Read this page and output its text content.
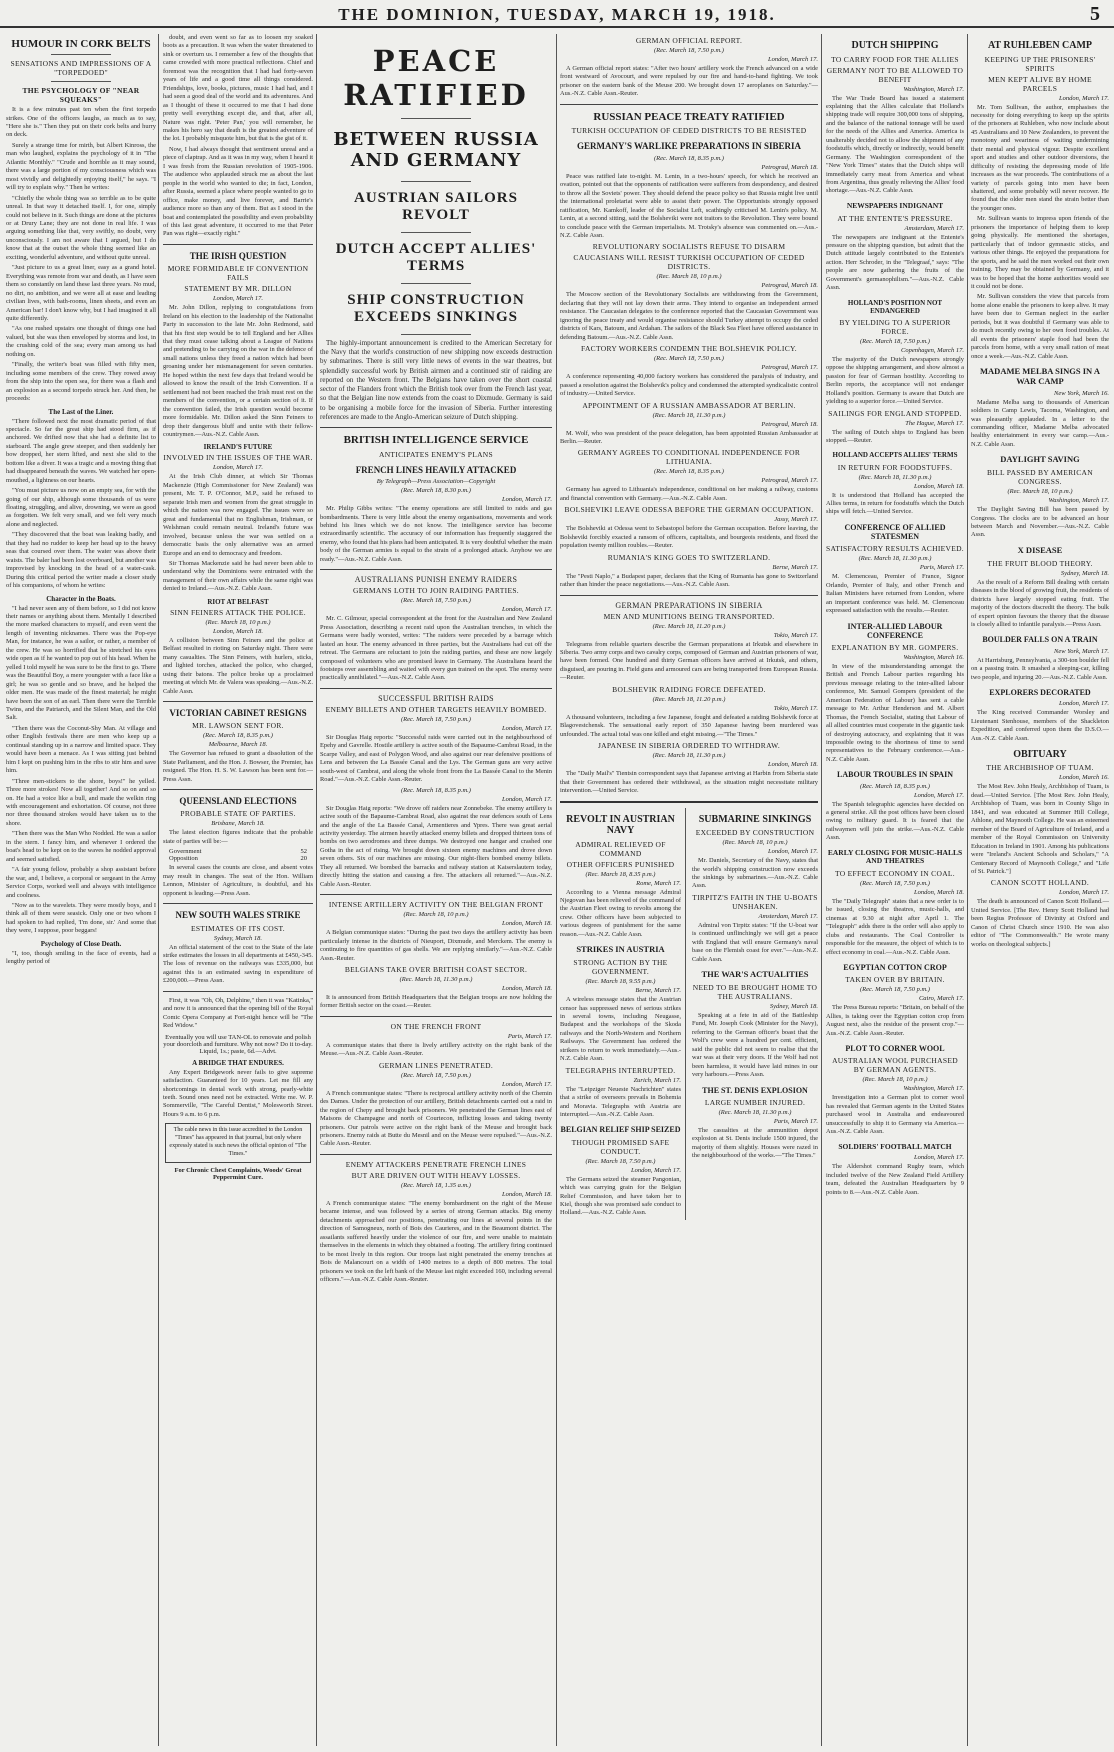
THE DOMINION, TUESDAY, MARCH 19, 1918.	5
HUMOUR IN CORK BELTS
SENSATIONS AND IMPRESSIONS OF A "TORPEDOED"
THE PSYCHOLOGY OF "NEAR SQUEAKS"

It is a few minutes past ten when the first torpedo strikes. One of the officers laughs, as much as to say, "Here she is." Then they put on their cork belts and hurry on deck.

Surely a strange time for mirth, but Albert Kinross, the man who laughed, explains the psychology of it in "The Atlantic Monthly." "Crude and horrible as it may sound, there was a large portion of my consciousness which was most vividly and delightedly enjoying itself," he says. "I will try to explain why." Then he writes:

"Chiefly the whole thing was so terrible as to be quite unreal. In that way it detached itself. I, for one, simply could not believe in it. Such things are done at the pictures or at Drury Lane; they are not done in real life. I was arguing something like that, very swiftly, no doubt, very unconsciously. I am not aware that I argued, but I do know that at the outset the whole thing seemed like an exciting, wonderful adventure, and without quite unreal.

"Just picture to us a great liner, easy as a grand hotel. Everything was remote from war and death, as I have seen them so constantly on land these last three years. No mud, no dirt, no ambition, and we were all at ease and leading civilian lives, with bath-rooms, linen sheets, and even an American bar! I don't know why, but I had imagined it all quite differently.

"As one rushed upstairs one thought of things one had valued, but she was then enveloped by storms and lost, in the crushing cold of the sea; every man among us had nothing on.

"Finally, the writer's boat was filled with fifty men, including some members of the crew. They rowed away from the ship into the open sea, for there was a flash and an explosion as a second torpedo struck her. And then, he proceeds:

The Last of the Liner.

"There followed next the most dramatic period of that spectacle. So far the great ship had stood firm, as if anchored. We drifted now that she had a definite list to starboard. The angle grew steeper, and then suddenly her bow dropped, her stern lifted, and next she slid to the bottom like a diver. It was a tragic and a moving thing that had disappeared beneath the waves. We watched her open-mouthed, a lightness on our hearts.

"You must picture us now on an empty sea, for with the going of our ship, although some thousands of us were floating, struggling, and alive, drowning, we were as good as forgotten. We felt very small, and we felt very much alone and neglected.

"They discovered that the boat was leaking badly, and that they had no rudder to keep her head up to the heavy seas that coursed over them. The water was above their waists. The baler had been lost overboard, but another was improvised by knocking in the head of a water-cask. During this critical period the writer made a closer study of his companions, of whom he writes:

Character in the Boats.

"I had never seen any of them before, so I did not know their names or anything about them. Mentally I described the more marked characters to myself, and even went the length of inventing nicknames. There was the Pop-eye Man, for instance, he was a sailor, or rather, a member of the crew. He was so horrified that he stretched his eyes wide open as if he wanted to pop out of his head. When he yelled I told myself he was sure to be the first to go. There was the Beautiful Boy, a mere youngster with a face like a girl; he was so gentle and so brave, and he helped the older men. He was made of the finest material; he might have been the son of an earl. Then there were the Terrible Twins, and the Patriarch, and the Silent Man, and the Old Salt.

"Then there was the Coconut-Shy Man. At village and other English festivals there are men who keep up a continual standing up in a narrow and limited space. They would have been a menace. As I was sitting just behind him I kept on pushing him in the ribs to stir him and save him.

"Three men-stickers to the shore, boys!" he yelled. Three more strokes! Now all together! And so on and so on. He had a voice like a bull, and made the welkin ring with encouragement and exhortation. Of course, not three nor three thousand strokes would have taken us to the shore.

"Then there was the Man Who Nodded. He was a sailor in the stern. I fancy him, and whenever I ordered the boat's head to be kept on to the waves he nodded approval and seemed satisfied.

"A fair young fellow, probably a shop assistant before the war, and, I believe, a corporal or sergeant in the Army Service Corps, worked well and always with intelligence and coolness.

"Now as to the wavelets. They were mostly boys, and I think all of them were seasick. Only one or two whom I had spoken to had replied, 'I'm done, sir.' And some that they were, I suppose, poor beggars!

Psychology of Close Death.

"I, too, though smiling in the face of events, had a lengthy period of

doubt, and even went so far as to loosen my soaked boots as a precaution. It was when the water threatened to sink or overturn us. I remember a few of the thoughts that came crowded with more practical reflections. Chief and foremost was the recognition that I had had forty-seven years of life and a good time all things considered. Friendships, love, books, pictures, music I had had, and I had seen a good deal of the world and its adventures. And as I thought of these it occurred to me that I had done pretty well everything except die, and that, after all, Nature was right. 'Peter Pan,' you will remember, he makes his hero say that death is the greatest adventure of the lot. I probably misquote him, but that is the gist of it.

Now, I had always thought that sentiment unreal and a piece of claptrap. And as it was in my way, when I heard it I was fresh from the Russian revolution of 1905-1906. The audience who applauded struck me as about the last people in the world who wanted to die; in fact, London, after Russia, seemed a place where people wanted to go to office, make money, and live forever, and Barrie's audience more so than any of them. But as I stood in the boat and contemplated the possibility and even probability of this last great adventure, it occurred to me that Peter Pan was right—exactly right."

THE IRISH QUESTION
MORE FORMIDABLE IF CONVENTION FAILS
STATEMENT BY MR. DILLON
London, March 17.

Mr. John Dillon, replying to congratulations from Ireland on his election to the leadership of the Nationalist Party in succession to the late Mr. John Redmond, said that his first step would be to tell England and her Allies that they must cease talking about a League of Nations and pretending to be carrying on the war in the defence of small nations unless they freed a nation which had been groaning under her mismanagement for seven centuries. He hoped within the next few days that Ireland would be allowed to know the result of the Irish Convention. If a settlement had not been reached the Irish must rest on the members of the convention, or a certain section of it. If the convention failed, the Irish question would become more formidable. Mr. Dillon asked the Sinn Feiners to drop their dangerous bluff and unite with their fellow-countrymen.—Aus.-N.Z. Cable Assn.

IRELAND'S FUTURE
INVOLVED IN THE ISSUES OF THE WAR.
London, March 17.

At the Irish Club dinner, at which Sir Thomas Mackenzie (High Commissioner for New Zealand) was present, Mr. T. P. O'Connor, M.P., said he refused to separate Irish men and women from the great struggle in which the nation was now engaged. The issues were so great and fundamental that no Englishman, Irishman, or Welshman could remain neutral. Ireland's future was involved, because unless the war was settled on a democratic basis the only alternative was an armed Europe and an end to democracy and freedom.

Sir Thomas Mackenzie said he had never been able to understand why the Dominions were entrusted with the management of their own affairs while the same right was denied to Ireland.—Aus.-N.Z. Cable Assn.

RIOT AT BELFAST
SINN FEINERS ATTACK THE POLICE.
(Rec. March 18, 10 p.m.)
London, March 18.

A collision between Sinn Feiners and the police at Belfast resulted in rioting on Saturday night. There were many casualties. The Sinn Feiners, with hurlers, sticks, and lighted torches, attacked the police, who charged, using their batons. The police broke up a proclaimed meeting at which Mr. de Valera was speaking.—Aus.-N.Z. Cable Assn.

VICTORIAN CABINET RESIGNS
MR. LAWSON SENT FOR.
(Rec. March 18, 8.35 p.m.)
Melbourne, March 18.

The Governor has refused to grant a dissolution of the State Parliament, and the Hon. J. Bowser, the Premier, has resigned. The Hon. H. S. W. Lawson has been sent for.—Press Assn.

QUEENSLAND ELECTIONS
PROBABLE STATE OF PARTIES.
Brisbane, March 18.

The latest election figures indicate that the probable state of parties will be:—

Government	52
Opposition	20

In several cases the counts are close, and absent votes may result in changes. The seat of the Hon. William Lennon, Minister of Agriculture, is doubtful, and his opponent is leading.—Press Assn.

NEW SOUTH WALES STRIKE
ESTIMATES OF ITS COST.
Sydney, March 18.

An official statement of the cost to the State of the late strike estimates the losses in all departments at £450,-345. The loss of revenue on the railways was £335,000, but against this is an estimated saving in expenditure of £200,000.—Press Assn.

First, it was "Oh, Oh, Delphine," then it was "Katinka," and now it is announced that the opening bill of the Royal Comic Opera Company at Fort-night hence will be "The Red Widow."

Eventually you will use TAN-OL to renovate and polish your doorcloth and furniture. Why not now? Do it to-day. Liquid, 1s.; paste, 6d.—Advt.
A BRIDGE THAT ENDURES.

Any Expert Bridgework never fails to give supreme satisfaction. Guaranteed for 10 years. Let me fill any shortcomings in dental work with strong, pearly-white teeth. Sound ones need not be extracted. Write me. W. P. Sommerville, "The Careful Dentist," Molesworth Street. Hours 9 a.m. to 6 p.m.

The cable news in this issue accredited to the London "Times" has appeared in that journal, but only where expressly stated is such news the official opinion of "The Times."
For Chronic Chest Complaints, Woods' Great Peppermint Cure.
PEACE RATIFIED
BETWEEN RUSSIA AND GERMANY
AUSTRIAN SAILORS REVOLT
DUTCH ACCEPT ALLIES' TERMS
SHIP CONSTRUCTION EXCEEDS SINKINGS

The highly-important announcement is credited to the American Secretary for the Navy that the world's construction of new shipping now exceeds destruction by submarines. There is still very little news of events in the war theatres, but splendidly successful work by British airmen and a continued stir of raiding are reported on the Western front. The Belgians have taken over the short coastal sector of the Flanders front which the British took over from the French last year, so that the Belgian line now extends from the coast to Dixmude. Germany is said to be organising a mobile force for the invasion of Siberia. Further interesting references are made to the Anglo-American seizure of Dutch shipping.

BRITISH INTELLIGENCE SERVICE
ANTICIPATES ENEMY'S PLANS
FRENCH LINES HEAVILY ATTACKED
By Telegraph—Press Association—Copyright
(Rec. March 18, 8.30 p.m.)
London, March 17.

Mr. Philip Gibbs writes: "The enemy operations are still limited to raids and gas bombardments. There is very little about the enemy organisations, movements and work behind his lines which we do not know. The intelligence service has become extraordinarily scientific. The accuracy of our information has frequently staggered the enemy, who found that his plans had been anticipated. It is very doubtful whether the main body of the German armies is equal to the strain of a prolonged attack. Anyhow we are ready."—Aus.-N.Z. Cable Assn.

AUSTRALIANS PUNISH ENEMY RAIDERS
GERMANS LOTH TO JOIN RAIDING PARTIES.
(Rec. March 18, 7.50 p.m.)
London, March 17.

Mr. C. Gilmour, special correspondent at the front for the Australian and New Zealand Press Association, describing a recent raid upon the Australian trenches, in which the Germans were badly worsted, writes: "The raiders were preceded by a barrage which lasted an hour. The enemy advanced in three parties, but the Australians had cut off the retreat. The Germans are reluctant to join the raiding parties, and these are now largely composed of volunteers who are promised leave in Germany. The Australians heard the footsteps over assembling and waited with every gun trained on the spot. The enemy were practically annihilated."—Aus.-N.Z. Cable Assn.

SUCCESSFUL BRITISH RAIDS
ENEMY BILLETS AND OTHER TARGETS HEAVILY BOMBED.
(Rec. March 18, 7.50 p.m.)
London, March 17.

Sir Douglas Haig reports: "Successful raids were carried out in the neighbourhood of Epehy and Gavrelle. Hostile artillery is active south of the Bapaume-Cambrai Road, in the Scarpe Valley, and east of Polygon Wood, and also against our rear defensive positions of Lens and between the La Bassée Canal and the Lys. The German guns are very active south-west of Cambrai, and along the whole front from the La Bassée Canal to the Menin Road."—Aus.-N.Z. Cable Assn.-Reuter.

(Rec. March 18, 8.35 p.m.)
London, March 17.

Sir Douglas Haig reports: "We drove off raiders near Zonnebeke. The enemy artillery is active south of the Bapaume-Cambrai Road, also against the rear defences south of Lens and the angle of the La Bassée Canal, Armentieres and Ypres. There was great aerial activity yesterday. The airmen heavily attacked enemy billets and dropped thirteen tons of bombs on two aerodromes and three dumps. We destroyed one hangar and crashed one Gotha in the act of rising. We brought down sixteen enemy machines and drove down seven others. Six of our machines are missing. Our night-fliers bombed enemy billets. They all returned. We bombed the barracks and railway station at Kaiserslautern today, directly hitting the station and causing a fire. The attackers all returned."—Aus.-N.Z. Cable Assn.-Reuter.

INTENSE ARTILLERY ACTIVITY ON THE BELGIAN FRONT
(Rec. March 18, 10 p.m.)
London, March 18.

A Belgian communique states: "During the past two days the artillery activity has been particularly intense in the districts of Nieuport, Dixmude, and Merckem. The enemy is continuing to fire quantities of gas shells. We are replying similarly."—Aus.-N.Z. Cable Assn.-Reuter.

BELGIANS TAKE OVER BRITISH COAST SECTOR.
(Rec. March 18, 11.30 p.m.)
London, March 18.

It is announced from British Headquarters that the Belgian troops are now holding the former British sector on the coast.—Reuter.

ON THE FRENCH FRONT
Paris, March 17.

A communique states that there is lively artillery activity on the right bank of the Meuse.—Aus.-N.Z. Cable Assn.-Reuter.

GERMAN LINES PENETRATED.
(Rec. March 18, 7.50 p.m.)
London, March 17.

A French communique states: "There is reciprocal artillery activity north of the Chemin des Dames. Under the protection of our artillery, British detachments carried out a raid in the region of Chepy and brought back prisoners. We penetrated the German lines east of Maisons de Champagne and north of Courtecon, inflicting losses and taking twenty prisoners. Our patrols were active on the right bank of the Meuse and brought back prisoners. Enemy raids at Butte du Mesnil and on the Meuse were repulsed."—Aus.-N.Z. Cable Assn.-Reuter.

ENEMY ATTACKERS PENETRATE FRENCH LINES
BUT ARE DRIVEN OUT WITH HEAVY LOSSES.
(Rec. March 18, 1.35 a.m.)
London, March 18.

A French communique states: "The enemy bombardment on the right of the Meuse became intense, and was followed by a series of strong German attacks. Big enemy detachments approached our positions, penetrating our lines at several points in the direction of Samogneux, north of Bois des Caurieres, and in the Beaumont district. The assailants suffered heavily under the violence of our fire, and were unable to maintain themselves in the elements in which they obtained a footing. The artillery firing continued to be most lively in this region. Our troops last night penetrated the enemy trenches at Bois de Malancourt on a width of 1400 metres to a depth of 800 metres. The total prisoners we took on the left bank of the Meuse last night exceeded 160, including several officers."—Aus.-N.Z. Cable Assn.-Reuter.

GERMAN OFFICIAL REPORT.
(Rec. March 18, 7.50 p.m.)
London, March 17.

A German official report states: "After two hours' artillery work the French advanced on a wide front westward of Avocourt, and were repulsed by our fire and hand-to-hand fighting. We took prisoner on the eastern bank of the Meuse 200. We brought down 17 aeroplanes on Saturday."—Aus.-N.Z. Cable Assn.-Reuter.

RUSSIAN PEACE TREATY RATIFIED
TURKISH OCCUPATION OF CEDED DISTRICTS TO BE RESISTED
GERMANY'S WARLIKE PREPARATIONS IN SIBERIA
(Rec. March 18, 8.35 p.m.)
Petrograd, March 18.

Peace was ratified late to-night. M. Lenin, in a two-hours' speech, for which he received an ovation, pointed out that the opponents of ratification were sufferers from despondency, and desired to throw all the Soviets' power. They should defend the peace policy so that Russia might live until the international proletariat were able to assist their power. The Opportunists strongly opposed ratification, Mr. Kamkoff, leader of the Socialist Left, scathingly criticised M. Lenin's policy. M. Lenin, at a second sitting, said the Bolsheviki were not traitors to the Revolution. They were bound to conclude peace with the German imperialists. M. Trotsky's absence was commented on.—Aus.-N.Z. Cable Assn.

REVOLUTIONARY SOCIALISTS REFUSE TO DISARM
CAUCASIANS WILL RESIST TURKISH OCCUPATION OF CEDED DISTRICTS.
(Rec. March 18, 10 p.m.)
Petrograd, March 18.

The Moscow section of the Revolutionary Socialists are withdrawing from the Government, declaring that they will not lay down their arms. They intend to organise an independent armed resistance. The Caucasian delegates to the conference reported that the Caucasian Government was ignoring the peace treaty and would organise resistance should Turkey attempt to occupy the ceded districts of Kars, Batoum, and Ardahan. The sailors of the Black Sea Fleet have offered assistance in defending Batoum.—Aus.-N.Z. Cable Assn.

FACTORY WORKERS CONDEMN THE BOLSHEVIK POLICY.
(Rec. March 18, 7.50 p.m.)
Petrograd, March 17.

A conference representing 40,000 factory workers has considered the paralysis of industry, and passed a resolution against the Bolshevik's policy and condemned the attempted syndicalistic control of industry.—United Service.

APPOINTMENT OF A RUSSIAN AMBASSADOR AT BERLIN.
(Rec. March 18, 11.30 p.m.)
Petrograd, March 18.

M. Wolf, who was president of the peace delegation, has been appointed Russian Ambassador at Berlin.—Reuter.

GERMANY AGREES TO CONDITIONAL INDEPENDENCE FOR LITHUANIA.
(Rec. March 18, 8.35 p.m.)
Petrograd, March 17.

Germany has agreed to Lithuania's independence, conditional on her making a railway, customs and financial convention with Germany.—Aus.-N.Z. Cable Assn.

BOLSHEVIKI LEAVE ODESSA BEFORE THE GERMAN OCCUPATION.
Jassy, March 17.

The Bolsheviki at Odessa went to Sebastopol before the German occupation. Before leaving, the Bolsheviki forcibly exacted a ransom of officers, capitalists, and bourgeois residents, and fixed the population twenty million roubles.—Reuter.

RUMANIA'S KING GOES TO SWITZERLAND.
Berne, March 17.

The "Pesti Naplo," a Budapest paper, declares that the King of Rumania has gone to Switzerland rather than hinder the peace negotiations.—Aus.-N.Z. Cable Assn.

GERMAN PREPARATIONS IN SIBERIA
MEN AND MUNITIONS BEING TRANSPORTED.
(Rec. March 18, 11.20 p.m.)
Tokio, March 17.

Telegrams from reliable quarters describe the German preparations at Irkutsk and elsewhere in Siberia. Two army corps and two cavalry corps, composed of German and Austrian prisoners of war, have been formed. One hundred and thirty German officers have arrived at Irkutsk, and others, disguised, are pouring in. Field guns and armoured cars are being transported from European Russia.—Reuter.

BOLSHEVIK RAIDING FORCE DEFEATED.
(Rec. March 18, 11.20 p.m.)
Tokio, March 17.

A thousand volunteers, including a few Japanese, fought and defeated a raiding Bolshevik force at Blagovestchensk. The sensational early report of 350 Japanese having been murdered was unfounded. The actual total was one killed and eight missing.—"The Times."

JAPANESE IN SIBERIA ORDERED TO WITHDRAW.
(Rec. March 18, 11.30 p.m.)
London, March 18.

The "Daily Mail's" Tientsin correspondent says that Japanese arriving at Harbin from Siberia state that their Government has ordered their withdrawal, as the situation might necessitate military intervention.—United Service.

REVOLT IN AUSTRIAN NAVY
ADMIRAL RELIEVED OF COMMAND
OTHER OFFICERS PUNISHED
(Rec. March 18, 8.35 p.m.)
Rome, March 17.

According to a Vienna message Admiral Njegovan has been relieved of the command of the Austrian Fleet owing to revolts among the crew. Other officers have been subjected to various degrees of punishment for the same reason.—Aus.-N.Z. Cable Assn.

STRIKES IN AUSTRIA
STRONG ACTION BY THE GOVERNMENT.
(Rec. March 18, 9.55 p.m.)
Berne, March 17.

A wireless message states that the Austrian censor has suppressed news of serious strikes in several towns, including Neugasse, Budapest and the workshops of the Skoda railways and the North-Western and Northern Railways. The Government has ordered the strikers to return to work immediately.—Aus.-N.Z. Cable Assn.

TELEGRAPHS INTERRUPTED.
Zurich, March 17.

The "Leipziger Neueste Nachrichten" states that a strike of overseers prevails in Bohemia and Moravia. Telegraphs with Austria are interrupted.—Aus.-N.Z. Cable Assn.

BELGIAN RELIEF SHIP SEIZED
THOUGH PROMISED SAFE CONDUCT.
(Rec. March 18, 7.50 p.m.)
London, March 17.

The Germans seized the steamer Pangonian, which was carrying grain for the Belgian Relief Commission, and have taken her to Kiel, though she was promised safe conduct to Holland.—Aus.-N.Z. Cable Assn.

SUBMARINE SINKINGS
EXCEEDED BY CONSTRUCTION
(Rec. March 18, 10 p.m.)
London, March 17.

Mr. Daniels, Secretary of the Navy, states that the world's shipping construction now exceeds the sinkings by submarines.—Aus.-N.Z. Cable Assn.

TIRPITZ'S FAITH IN THE U-BOATS UNSHAKEN.
Amsterdam, March 17.

Admiral von Tirpitz states: "If the U-boat war is continued unflinchingly we will get a peace with England that will ensure Germany's naval base on the Flemish coast for ever."—Aus.-N.Z. Cable Assn.

THE WAR'S ACTUALITIES
NEED TO BE BROUGHT HOME TO THE AUSTRALIANS.
Sydney, March 18.

Speaking at a fete in aid of the Battleship Fund, Mr. Joseph Cook (Minister for the Navy), referring to the German officer's boast that the Wolf's crew were a hundred per cent. efficient, said the public did not seem to realise that the war was at their very doors. If the Wolf had not been harmless, it would have laid mines in our very harbours.—Press Assn.

THE ST. DENIS EXPLOSION
LARGE NUMBER INJURED.
(Rec. March 18, 11.30 p.m.)
Paris, March 17.

The casualties at the ammunition depot explosion at St. Denis include 1500 injured, the majority of them slightly. Houses were razed in the neighbourhood of the works.—"The Times."

DUTCH SHIPPING
TO CARRY FOOD FOR THE ALLIES
GERMANY NOT TO BE ALLOWED TO BENEFIT
Washington, March 17.

The War Trade Board has issued a statement explaining that the Allies calculate that Holland's shipping trade will require 300,000 tons of shipping, and the balance of the national tonnage will be used for the needs of the Allies and America. America is unalterably decided not to allow the shipment of any foodstuffs which, directly or indirectly, would benefit Germany. The Washington correspondent of the "New York Times" states that the Dutch ships will immediately carry meat from America and wheat from Argentina, thus greatly relieving the Allies' food shortage.—Aus.-N.Z. Cable Assn.

NEWSPAPERS INDIGNANT
AT THE ENTENTE'S PRESSURE.
Amsterdam, March 17.

The newspapers are indignant at the Entente's pressure on the shipping question, but admit that the Dutch attitude largely contributed to the Entente's action. Herr Schroder, in the "Telegraaf," says: "The people are now gathering the fruits of the Government's germanophilism."—Aus.-N.Z. Cable Assn.

HOLLAND'S POSITION NOT ENDANGERED
BY YIELDING TO A SUPERIOR FORCE.
(Rec. March 18, 7.50 p.m.)
Copenhagen, March 17.

The majority of the Dutch newspapers strongly oppose the shipping arrangement, and show almost a passion for fear of German hostility. According to Berlin reports, the acceptance will not endanger Holland's position. Germany is aware that Dutch are yielding to a superior force.—United Service.

SAILINGS FOR ENGLAND STOPPED.
The Hague, March 17.

The sailing of Dutch ships to England has been stopped.—Reuter.

HOLLAND ACCEPTS ALLIES' TERMS
IN RETURN FOR FOODSTUFFS.
(Rec. March 18, 11.30 p.m.)
London, March 18.

It is understood that Holland has accepted the Allies terms, in return for foodstuffs which the Dutch ships will fetch.—United Service.

CONFERENCE OF ALLIED STATESMEN
SATISFACTORY RESULTS ACHIEVED.
(Rec. March 18, 11.30 p.m.)
Paris, March 17.

M. Clemenceau, Premier of France, Signor Orlando, Premier of Italy, and other French and Italian Ministers have returned from London, where an important conference was held. M. Clemenceau expressed satisfaction with the results.—Reuter.

INTER-ALLIED LABOUR CONFERENCE
EXPLANATION BY MR. GOMPERS.
Washington, March 16.

In view of the misunderstanding amongst the British and French Labour parties regarding his previous message relating to the inter-allied labour conference, Mr. Samuel Gompers (president of the American Federation of Labour) has sent a cable message to Mr. Arthur Henderson and M. Albert Thomas, the French Socialist, stating that Labour of all allied countries must cooperate in the gigantic task of destroying autocracy, and explaining that it was impossible owing to the shortness of time to send representatives to the February conference.—Aus.-N.Z. Cable Assn.

LABOUR TROUBLES IN SPAIN
(Rec. March 18, 8.35 p.m.)
London, March 17.

The Spanish telegraphic agencies have decided on a general strike. All the post offices have been closed owing to military guard. It is feared that the railwaymen will join the strike.—Aus.-N.Z. Cable Assn.

EARLY CLOSING FOR MUSIC-HALLS AND THEATRES
TO EFFECT ECONOMY IN COAL.
(Rec. March 18, 7.50 p.m.)
London, March 18.

The "Daily Telegraph" states that a new order is to be issued, closing the theatres, music-halls, and cinemas at 9.30 at night after April 1. The "Telegraph" adds there is the order will also apply to clubs and restaurants. The Coal Controller is responsible for the measure, the object of which is to effect economy in coal.—Aus.-N.Z. Cable Assn.

EGYPTIAN COTTON CROP
TAKEN OVER BY BRITAIN.
(Rec. March 18, 7.50 p.m.)
Cairo, March 17.

The Press Bureau reports: "Britain, on behalf of the Allies, is taking over the Egyptian cotton crop from August next, also the residue of the present crop."—Aus.-N.Z. Cable Assn.-Reuter.

PLOT TO CORNER WOOL
AUSTRALIAN WOOL PURCHASED BY GERMAN AGENTS.
(Rec. March 18, 10 p.m.)
Washington, March 17.

Investigation into a German plot to corner wool has revealed that German agents in the United States purchased wool in Australia and endeavoured unsuccessfully to ship it to Germany via America.—Aus.-N.Z. Cable Assn.

SOLDIERS' FOOTBALL MATCH
London, March 17.

The Aldershot command Rugby team, which included twelve of the New Zealand Field Artillery team, defeated the Australian Headquarters by 9 points to 8.—Aus.-N.Z. Cable Assn.

AT RUHLEBEN CAMP
KEEPING UP THE PRISONERS' SPIRITS
MEN KEPT ALIVE BY HOME PARCELS
London, March 17.

Mr. Tom Sullivan, the author, emphasises the necessity for doing everything to keep up the spirits of the prisoners at Ruhleben, who now include about 45 Australians and 10 New Zealanders, to prevent the monotony and weariness of waiting undermining their mental and physical vigour. Despite excellent sport and studies and other outdoor diversions, the difficulty of resisting the depressing mode of life increases as the war proceeds. The contributions of a variety of parcels going into men have been shattered, and some probably will never recover. He found that the older men stand the strain better than the younger ones.

Mr. Sullivan wants to impress upon friends of the prisoners the importance of helping them to keep going physically. He mentioned the shortages, particularly that of indoor gymnastic sticks, and various other things. He enjoyed the preparations for the sports, and he said the men worked out their own training. They may be obtained by Germany, and it was to be hoped that the home authorities would see it could not be done.

Mr. Sullivan considers the view that parcels from home alone enable the prisoners to keep alive. It may have been due to German neglect in the earlier periods, but it was doubtful if Germany was able to do much recently owing to her own food troubles. At all events the prisoners' staple food had been the parcels from home, with a very small ration of meat once a week.—Aus.-N.Z. Cable Assn.

MADAME MELBA SINGS IN A WAR CAMP
New York, March 16.

Madame Melba sang to thousands of American soldiers in Camp Lewis, Tacoma, Washington, and was pleasantly applauded. In a letter to the commanding officer, Madame Melba advocated healthy entertainment in every war camp.—Aus.-N.Z. Cable Assn.

DAYLIGHT SAVING
BILL PASSED BY AMERICAN CONGRESS.
(Rec. March 18, 10 p.m.)
Washington, March 17.

The Daylight Saving Bill has been passed by Congress. The clocks are to be advanced an hour between March and November.—Aus.-N.Z. Cable Assn.

X DISEASE
THE FRUIT BLOOD THEORY.
Sydney, March 18.

As the result of a Reform Bill dealing with certain diseases in the blood of growing fruit, the residents of districts have largely stopped eating fruit. The majority of the doctors discredit the theory. The bulk of expert opinion favours the theory that the disease is closely allied to infantile paralysis.—Press Assn.

BOULDER FALLS ON A TRAIN
New York, March 17.

At Harrisburg, Pennsylvania, a 300-ton boulder fell on a passing train. It smashed a sleeping-car, killing two people, and injuring 20.—Aus.-N.Z. Cable Assn.

EXPLORERS DECORATED
London, March 17.

The King received Commander Worsley and Lieutenant Stenhouse, members of the Shackleton Expedition, and conferred upon them the D.S.O.—Aus.-N.Z. Cable Assn.

OBITUARY
THE ARCHBISHOP OF TUAM.
London, March 16.

The Most Rev. John Healy, Archbishop of Tuam, is dead.—United Service. [The Most Rev. John Healy, Archbishop of Tuam, was born in County Sligo in 1841, and was educated at Summer Hill College, Athlone, and Maynooth College. He was an esteemed member of the Board of Agriculture of Ireland, and a member of the Royal Commission on University Education in Ireland in 1901. Among his publications were "Ireland's Ancient Schools and Scholars," "A Centenary Record of Maynooth College," and "Life of St. Patrick."]

CANON SCOTT HOLLAND.
London, March 17.

The death is announced of Canon Scott Holland.—United Service. [The Rev. Henry Scott Holland had been Regius Professor of Divinity at Oxford and Canon of Christ Church since 1910. He was also editor of "The Commonwealth." He wrote many works on theological subjects.]
